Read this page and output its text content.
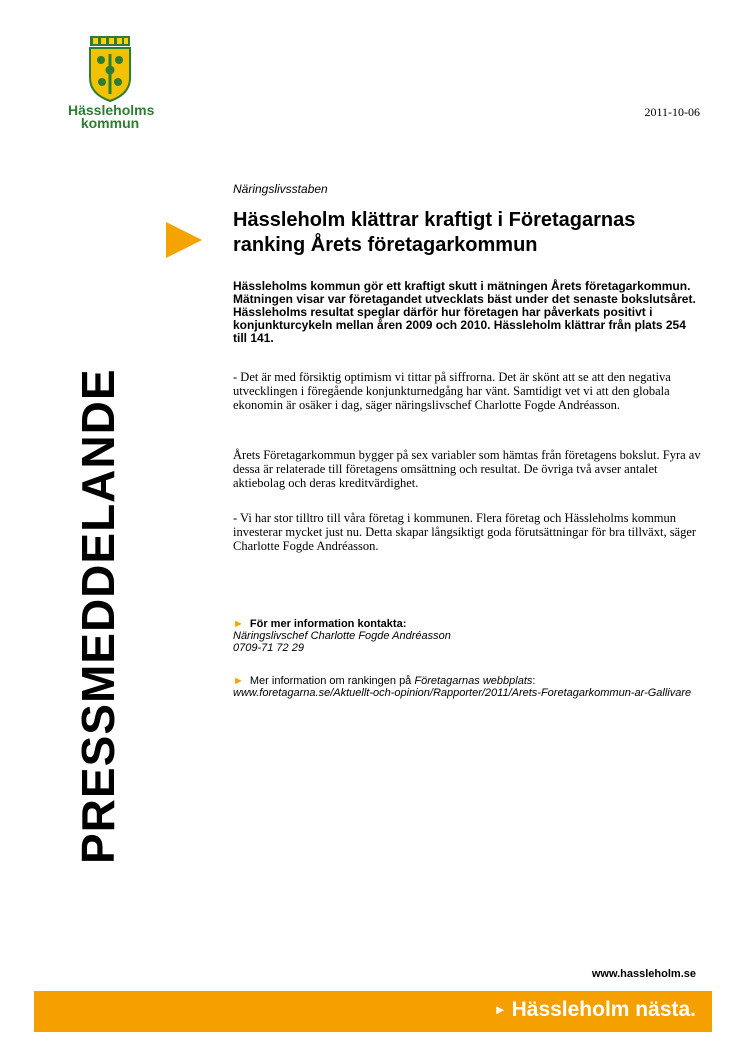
Hässleholms
kommun
2011-10-06
PRESSMEDDELANDE
Näringslivsstaben
Hässleholm klättrar kraftigt i Företagarnas ranking Årets företagarkommun
Hässleholms kommun gör ett kraftigt skutt i mätningen Årets företagarkommun. Mätningen visar var företagandet utvecklats bäst under det senaste bokslutsåret. Hässleholms resultat speglar därför hur företagen har påverkats positivt i konjunkturcykeln mellan åren 2009 och 2010. Hässleholm klättrar från plats 254 till 141.
- Det är med försiktig optimism vi tittar på siffrorna. Det är skönt att se att den negativa utvecklingen i föregående konjunkturnedgång har vänt. Samtidigt vet vi att den globala ekonomin är osäker i dag, säger näringslivschef Charlotte Fogde Andréasson.
Årets Företagarkommun bygger på sex variabler som hämtas från företagens bokslut. Fyra av dessa är relaterade till företagens omsättning och resultat. De övriga två avser antalet aktiebolag och deras kreditvärdighet.
- Vi har stor tilltro till våra företag i kommunen. Flera företag och Hässleholms kommun investerar mycket just nu. Detta skapar långsiktigt goda förutsättningar för bra tillväxt, säger Charlotte Fogde Andréasson.
► För mer information kontakta:
Näringslivschef Charlotte Fogde Andréasson
0709-71 72 29
► Mer information om rankingen på Företagarnas webbplats:
www.foretagarna.se/Aktuellt-och-opinion/Rapporter/2011/Arets-Foretagarkommun-ar-Gallivare
www.hassleholm.se
► Hässleholm nästa.
